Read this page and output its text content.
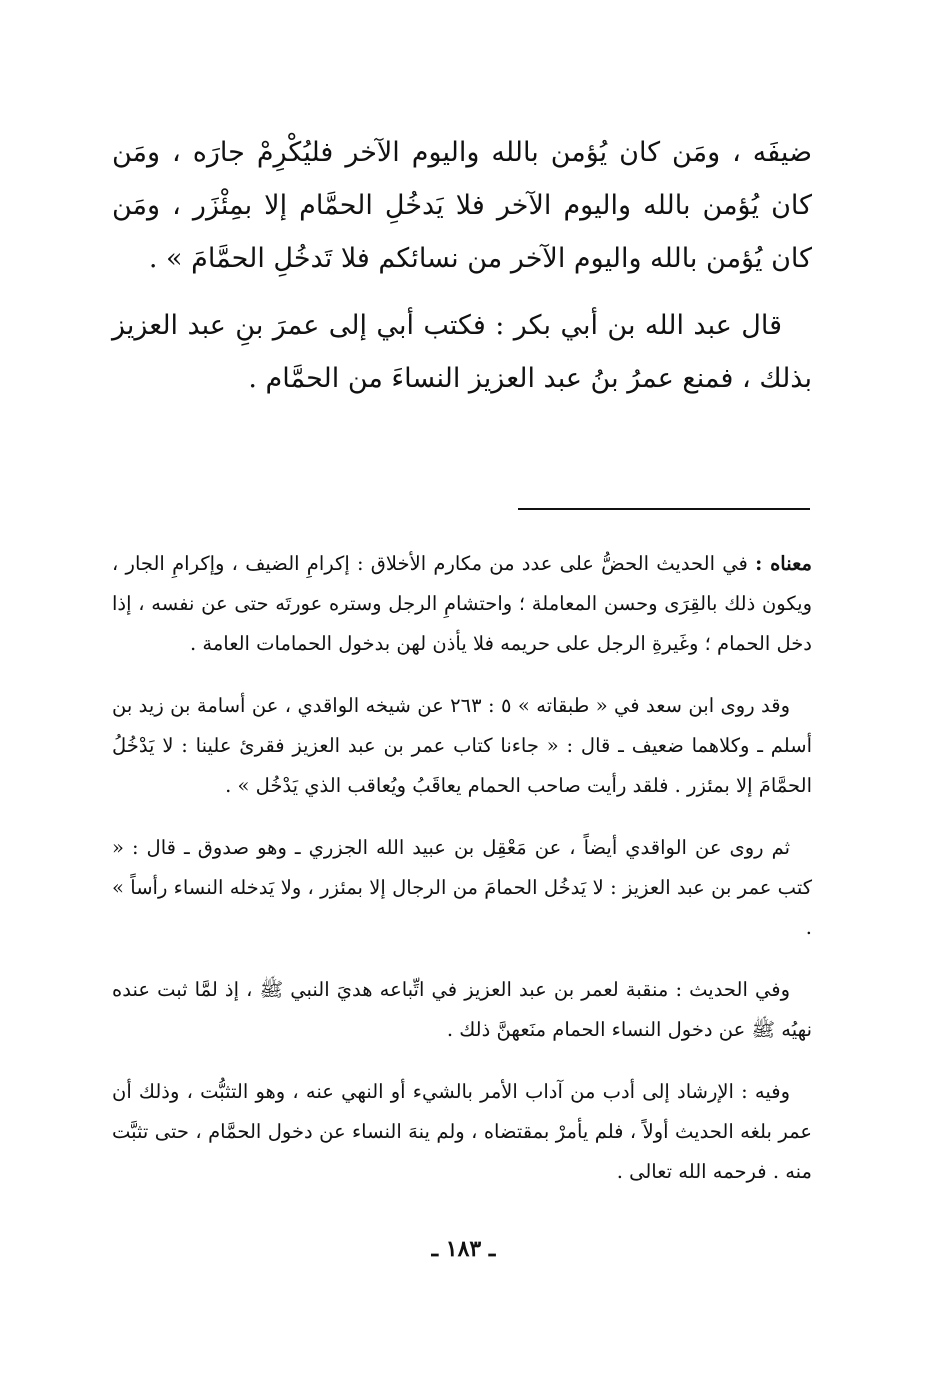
ضيفَه ، ومَن كان يُؤمن بالله واليوم الآخر فليُكْرِمْ جارَه ، ومَن كان يُؤمن بالله واليوم الآخر فلا يَدخُلِ الحمَّام إلا بمِئْزَر ، ومَن كان يُؤمن بالله واليوم الآخر من نسائكم فلا تَدخُلِ الحمَّامَ » .

قال عبد الله بن أبي بكر : فكتب أبي إلى عمرَ بنِ عبد العزيز بذلك ، فمنع عمرُ بنُ عبد العزيز النساءَ من الحمَّام .

معناه : في الحديث الحضُّ على عدد من مكارم الأخلاق : إكرامِ الضيف ، وإكرامِ الجار ، ويكون ذلك بالقِرَى وحسن المعاملة ؛ واحتشامِ الرجل وستره عورتَه حتى عن نفسه ، إذا دخل الحمام ؛ وغَيرةِ الرجل على حريمه فلا يأذن لهن بدخول الحمامات العامة .

وقد روى ابن سعد في « طبقاته » ٥ : ٢٦٣ عن شيخه الواقدي ، عن أسامة بن زيد بن أسلم ـ وكلاهما ضعيف ـ قال : « جاءنا كتاب عمر بن عبد العزيز فقرئ علينا : لا يَدْخُلُ الحمَّامَ إلا بمئزر . فلقد رأيت صاحب الحمام يعاقَبُ ويُعاقب الذي يَدْخُل » .

ثم روى عن الواقدي أيضاً ، عن مَعْقِل بن عبيد الله الجزري ـ وهو صدوق ـ قال : « كتب عمر بن عبد العزيز : لا يَدخُل الحمامَ من الرجال إلا بمئزر ، ولا يَدخله النساء رأساً » .

وفي الحديث : منقبة لعمر بن عبد العزيز في اتِّباعه هديَ النبي ﷺ ، إذ لمَّا ثبت عنده نهيُه ﷺ عن دخول النساء الحمام منَعهنَّ ذلك .

وفيه : الإرشاد إلى أدب من آداب الأمر بالشيء أو النهي عنه ، وهو التثبُّت ، وذلك أن عمر بلغه الحديث أولاً ، فلم يأمرْ بمقتضاه ، ولم ينهَ النساء عن دخول الحمَّام ، حتى تثبَّت منه . فرحمه الله تعالى .

ـ ١٨٣ ـ
